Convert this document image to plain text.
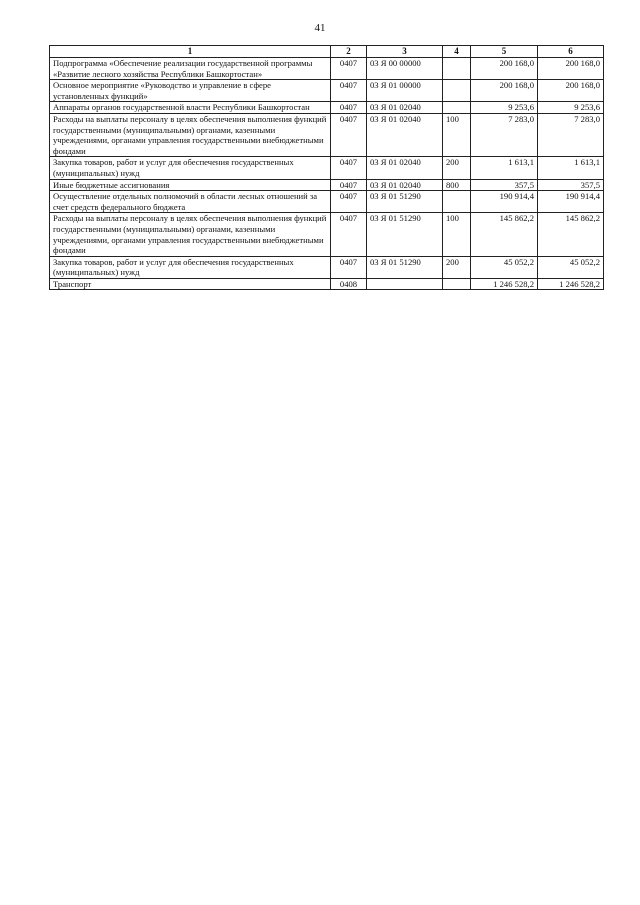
41
1	2	3	4	5	6
Подпрограмма «Обеспечение реализации государственной программы «Развитие лесного хозяйства Республики Башкортостан»	0407	03 Я 00 00000		200 168,0	200 168,0
Основное мероприятие «Руководство и управление в сфере установленных функций»	0407	03 Я 01 00000		200 168,0	200 168,0
Аппараты органов государственной власти Республики Башкортостан	0407	03 Я 01 02040		9 253,6	9 253,6
Расходы на выплаты персоналу в целях обеспечения выполнения функций государственными (муниципальными) органами, казенными учреждениями, органами управления государственными внебюджетными фондами	0407	03 Я 01 02040	100	7 283,0	7 283,0
Закупка товаров, работ и услуг для обеспечения государственных (муниципальных) нужд	0407	03 Я 01 02040	200	1 613,1	1 613,1
Иные бюджетные ассигнования	0407	03 Я 01 02040	800	357,5	357,5
Осуществление отдельных полномочий в области лесных отношений за счет средств федерального бюджета	0407	03 Я 01 51290		190 914,4	190 914,4
Расходы на выплаты персоналу в целях обеспечения выполнения функций государственными (муниципальными) органами, казенными учреждениями, органами управления государственными внебюджетными фондами	0407	03 Я 01 51290	100	145 862,2	145 862,2
Закупка товаров, работ и услуг для обеспечения государственных (муниципальных) нужд	0407	03 Я 01 51290	200	45 052,2	45 052,2
Транспорт	0408			1 246 528,2	1 246 528,2
